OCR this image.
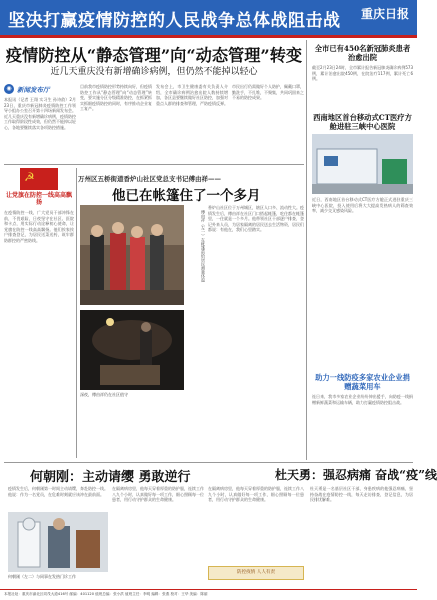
坚决打赢疫情防控的人民战争总体战阻击战 重庆日报
疫情防控从“静态管理”向“动态管理”转变
近几天重庆没有新增确诊病例，但仍然不能掉以轻心
◉ 新闻发布厅
本报讯（记者 王翔 实习生 孙诗韵）2月23日，重庆市新冠肺炎疫情防控工作领导小组办公室召开第十四场新闻发布会。近几天重庆没有新增确诊病例，疫情防控工作取得阶段性成效，但仍然不能掉以轻心，各地要继续落实各项防控措施。
目前我市疫情防控形势持续向好，但疫情防控工作从“静态管理”向“动态管理”转变，要实施分区分级精准防控，在抓紧抓实抓细疫情防控的同时，有序推动企业复工复产。
发布会上，市卫生健康委有关负责人介绍，全市确诊病例治愈出院人数持续增加，各区县要继续做好社区防控，加强对重点人群的排查和管理，严防疫情反弹。
市民出行仍需做好个人防护，佩戴口罩，勤洗手，不扎堆，不聚集，共同巩固来之不易的防控成果。
☭
让党旗在防控一线高高飘扬
在疫情防控一线，广大党员干部冲锋在前，不畏艰险，日夜坚守在社区、医院和卡点，用实际行动诠释初心使命，让党旗在防控一线高高飘扬。他们挨家挨户排查登记，为居民送菜送药，筑牢群防群控的严密防线。
万州区五桥街道香炉山社区党总支书记傅由祥——
他已在帐篷住了一个多月
傅由祥（左一）在帐篷前给居民测量体温
深夜，傅由祥仍在社区值守
香炉山社区位于万州城区，辖区人口多、流动性大。疫情发生后，傅由祥在社区门口搭起帐篷，吃住都在帐篷里，一住就是一个多月。他带领社区干部逐户排查，登记外来人员，为居家隔离的居民送去生活物资，居民们都说：有他在，我们心里踏实。
全市已有450名新冠肺炎患者治愈出院
截至2月23日24时，全市累计报告新冠肺炎确诊病例573例，累计治愈出院450例，在院治疗117例，累计死亡6例。
西南地区首台移动式CT医疗方舱进驻三峡中心医院
近日，西南地区首台移动式CT医疗方舱正式进驻重庆三峡中心医院，投入使用后将大大提高发热病人的筛查效率，减少交叉感染风险。
助力一线防疫多家农业企业捐赠蔬菜用车
连日来，我市多家农业企业纷纷伸出援手，向防疫一线捐赠新鲜蔬菜和运输车辆，助力打赢疫情防控阻击战。
何朝刚：主动请缨 勇敢逆行
何朝刚（左二）与同事在发热门诊工作
疫情发生后，何朝刚第一时间主动请缨，奔赴防控一线。他说：作为一名党员，在危难时刻就应该冲在最前面。
在隔离病房里，他每天穿着厚重的防护服，连续工作八九个小时，认真做好每一项工作，细心照顾每一位患者，用行动守护群众的生命健康。
在隔离病房里，他每天穿着厚重的防护服，连续工作八九个小时，认真做好每一项工作，细心照顾每一位患者，用行动守护群众的生命健康。
防控疫情 人人有责
杜天勇：强忍病痛 奋战“疫”线
杜天勇是一名基层社区干部，身患疾病的他强忍病痛，坚持奋战在疫情防控一线，每天走访排查，登记信息，为居民排忧解难。
本报社址：重庆市渝北区同茂大道416号 邮编：401120 值班总编：张小洪 值班主任：李明 编辑：张燕 校对：王华 美编：陈丽
